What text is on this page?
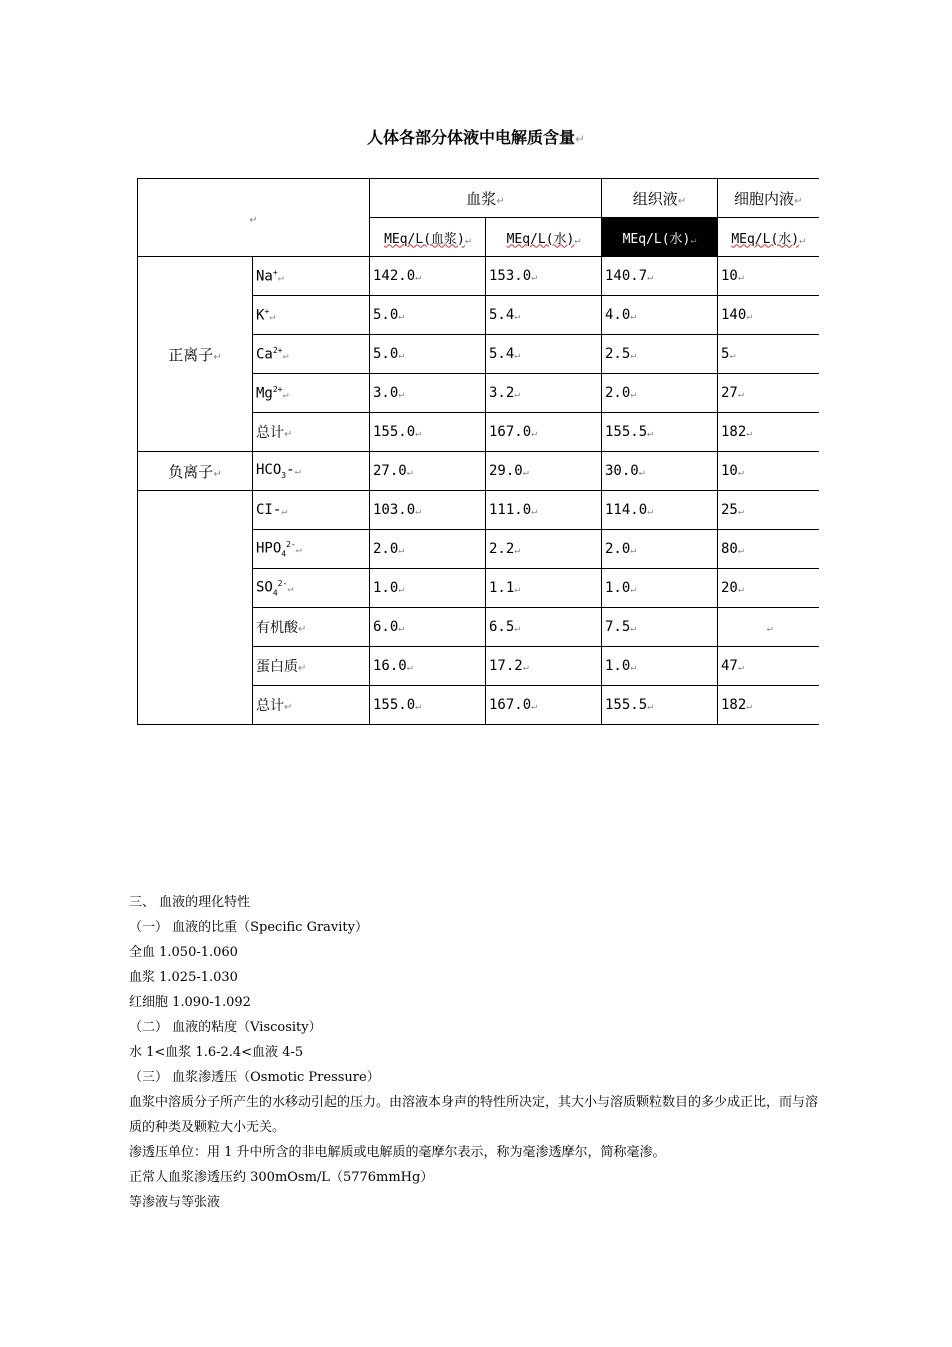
人体各部分体液中电解质含量↵
↵		血浆↵		组织液↵	细胞内液↵
		MEq/L(血浆)↵	MEq/L(水)↵	MEq/L(水)↵	MEq/L(水)↵
正离子↵	Na+↵	142.0↵	153.0↵	140.7↵	10↵
	K+↵	5.0↵	5.4↵	4.0↵	140↵
	$Ca^{2+}↵$	5.0↵	5.4↵	2.5↵	5↵
	$Mg^{2+}↵$	3.0↵	3.2↵	2.0↵	27↵
	总计↵	155.0↵	167.0↵	155.5↵	182↵
负离子↵	$HCO_3-↵$	27.0↵	29.0↵	30.0↵	10↵
	CI-↵	103.0↵	111.0↵	114.0↵	25↵
	$HPO_4^{2-}↵$	2.0↵	2.2↵	2.0↵	80↵
	$SO_4^{2-}↵$	1.0↵	1.1↵	1.0↵	20↵
	有机酸↵	6.0↵	6.5↵	7.5↵	↵
	蛋白质↵	16.0↵	17.2↵	1.0↵	47↵
	总计↵	155.0↵	167.0↵	155.5↵	182↵

三、 血液的理化特性

（一） 血液的比重（Specific Gravity）

全血 1.050-1.060

血浆 1.025-1.030

红细胞 1.090-1.092

（二） 血液的粘度（Viscosity）

水 1<血浆 1.6-2.4<血液 4-5

（三） 血浆渗透压（Osmotic Pressure）

血浆中溶质分子所产生的水移动引起的压力。由溶液本身声的特性所决定，其大小与溶质颗粒数目的多少成正比，而与溶质的种类及颗粒大小无关。

渗透压单位：用 1 升中所含的非电解质或电解质的毫摩尔表示，称为毫渗透摩尔，简称毫渗。

正常人血浆渗透压约 300mOsm/L（5776mmHg）

等渗液与等张液
